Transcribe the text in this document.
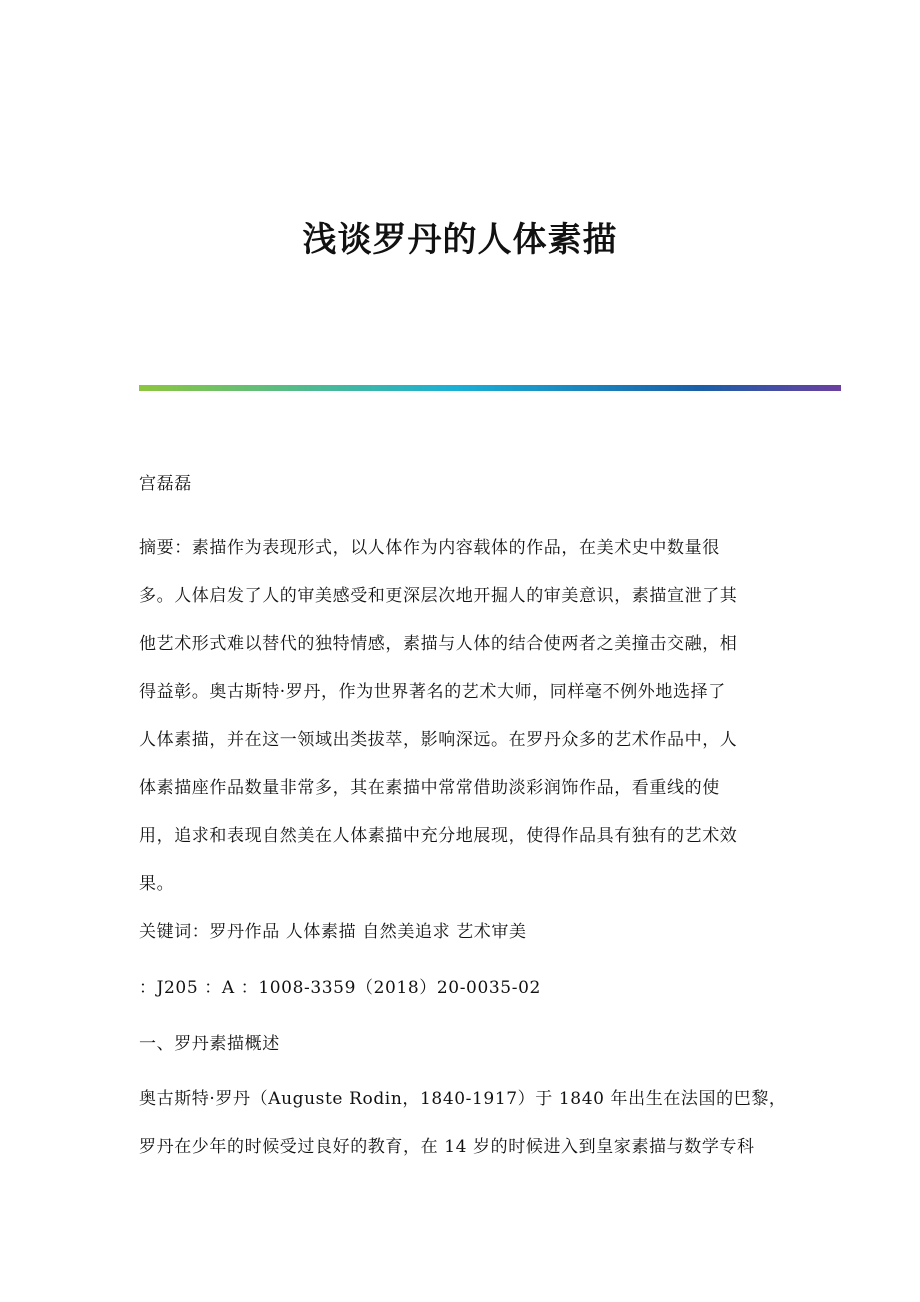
浅谈罗丹的人体素描
宫磊磊
摘要：素描作为表现形式，以人体作为内容载体的作品，在美术史中数量很
多。人体启发了人的审美感受和更深层次地开掘人的审美意识，素描宣泄了其
他艺术形式难以替代的独特情感，素描与人体的结合使两者之美撞击交融，相
得益彰。奥古斯特·罗丹，作为世界著名的艺术大师，同样毫不例外地选择了
人体素描，并在这一领域出类拔萃，影响深远。在罗丹众多的艺术作品中，人
体素描座作品数量非常多，其在素描中常常借助淡彩润饰作品，看重线的使
用，追求和表现自然美在人体素描中充分地展现，使得作品具有独有的艺术效
果。
关键词：罗丹作品 人体素描 自然美追求 艺术审美
：J205 ：A ：1008-3359（2018）20-0035-02
一、罗丹素描概述
奥古斯特·罗丹（Auguste Rodin，1840-1917）于 1840 年出生在法国的巴黎，
罗丹在少年的时候受过良好的教育，在 14 岁的时候进入到皇家素描与数学专科
